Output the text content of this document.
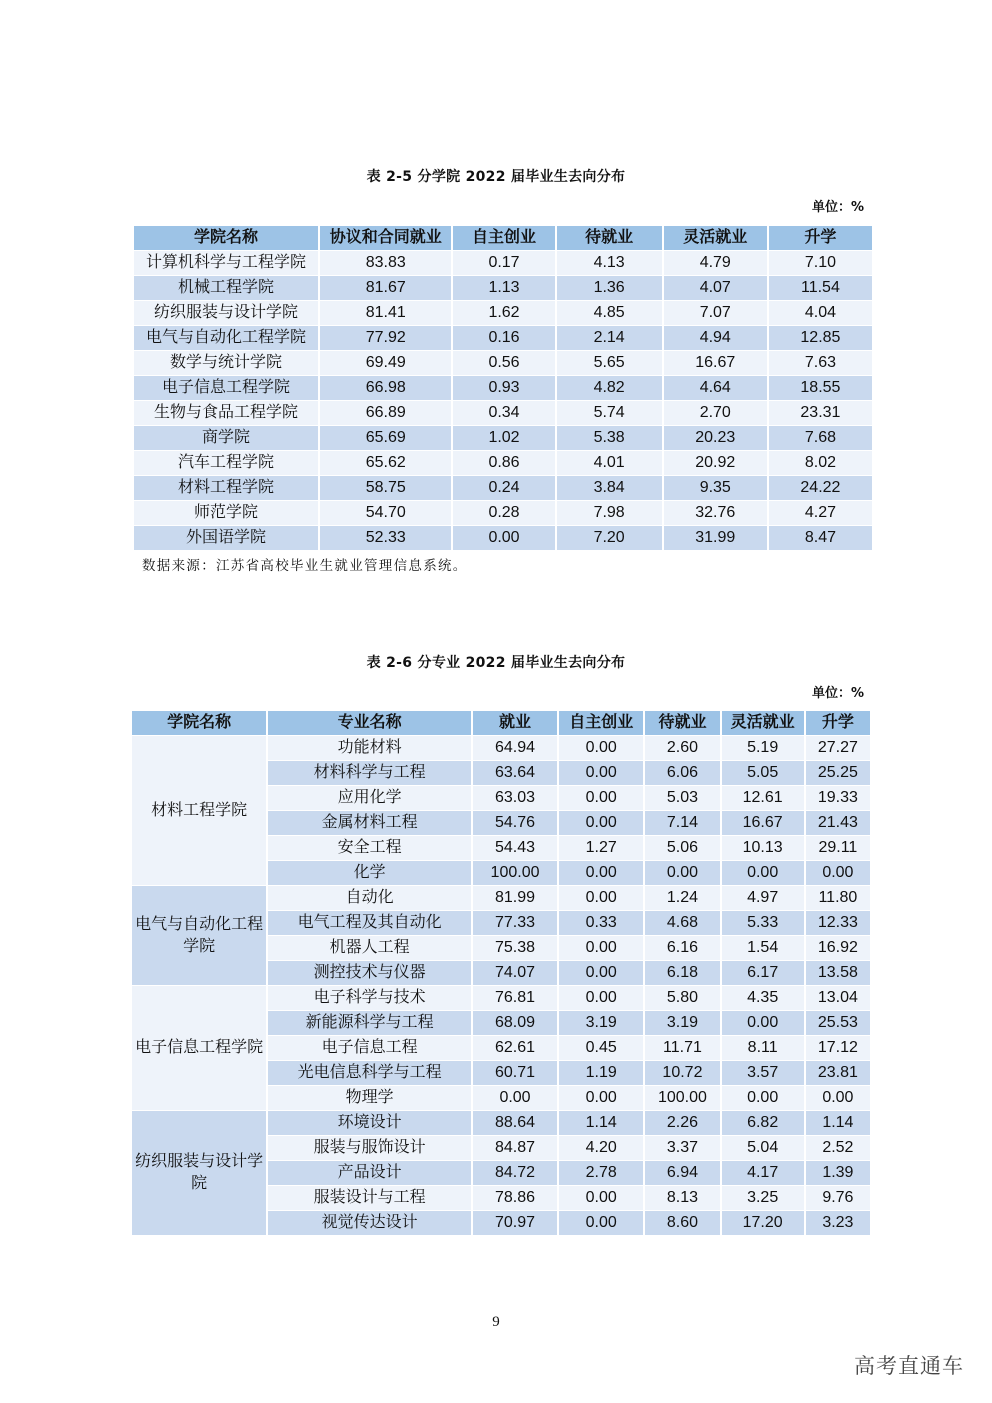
表 2-5 分学院 2022 届毕业生去向分布
单位：%
学院名称	协议和合同就业	自主创业	待就业	灵活就业	升学
计算机科学与工程学院	83.83	0.17	4.13	4.79	7.10
机械工程学院	81.67	1.13	1.36	4.07	11.54
纺织服装与设计学院	81.41	1.62	4.85	7.07	4.04
电气与自动化工程学院	77.92	0.16	2.14	4.94	12.85
数学与统计学院	69.49	0.56	5.65	16.67	7.63
电子信息工程学院	66.98	0.93	4.82	4.64	18.55
生物与食品工程学院	66.89	0.34	5.74	2.70	23.31
商学院	65.69	1.02	5.38	20.23	7.68
汽车工程学院	65.62	0.86	4.01	20.92	8.02
材料工程学院	58.75	0.24	3.84	9.35	24.22
师范学院	54.70	0.28	7.98	32.76	4.27
外国语学院	52.33	0.00	7.20	31.99	8.47
数据来源：江苏省高校毕业生就业管理信息系统。
表 2-6 分专业 2022 届毕业生去向分布
单位：%
学院名称	专业名称	就业	自主创业	待就业	灵活就业	升学
材料工程学院	功能材料	64.94	0.00	2.60	5.19	27.27
	材料科学与工程	63.64	0.00	6.06	5.05	25.25
	应用化学	63.03	0.00	5.03	12.61	19.33
	金属材料工程	54.76	0.00	7.14	16.67	21.43
	安全工程	54.43	1.27	5.06	10.13	29.11
	化学	100.00	0.00	0.00	0.00	0.00
电气与自动化工程学院	自动化	81.99	0.00	1.24	4.97	11.80
	电气工程及其自动化	77.33	0.33	4.68	5.33	12.33
	机器人工程	75.38	0.00	6.16	1.54	16.92
	测控技术与仪器	74.07	0.00	6.18	6.17	13.58
电子信息工程学院	电子科学与技术	76.81	0.00	5.80	4.35	13.04
	新能源科学与工程	68.09	3.19	3.19	0.00	25.53
	电子信息工程	62.61	0.45	11.71	8.11	17.12
	光电信息科学与工程	60.71	1.19	10.72	3.57	23.81
	物理学	0.00	0.00	100.00	0.00	0.00
纺织服装与设计学院	环境设计	88.64	1.14	2.26	6.82	1.14
	服装与服饰设计	84.87	4.20	3.37	5.04	2.52
	产品设计	84.72	2.78	6.94	4.17	1.39
	服装设计与工程	78.86	0.00	8.13	3.25	9.76
	视觉传达设计	70.97	0.00	8.60	17.20	3.23
9
高考直通车
